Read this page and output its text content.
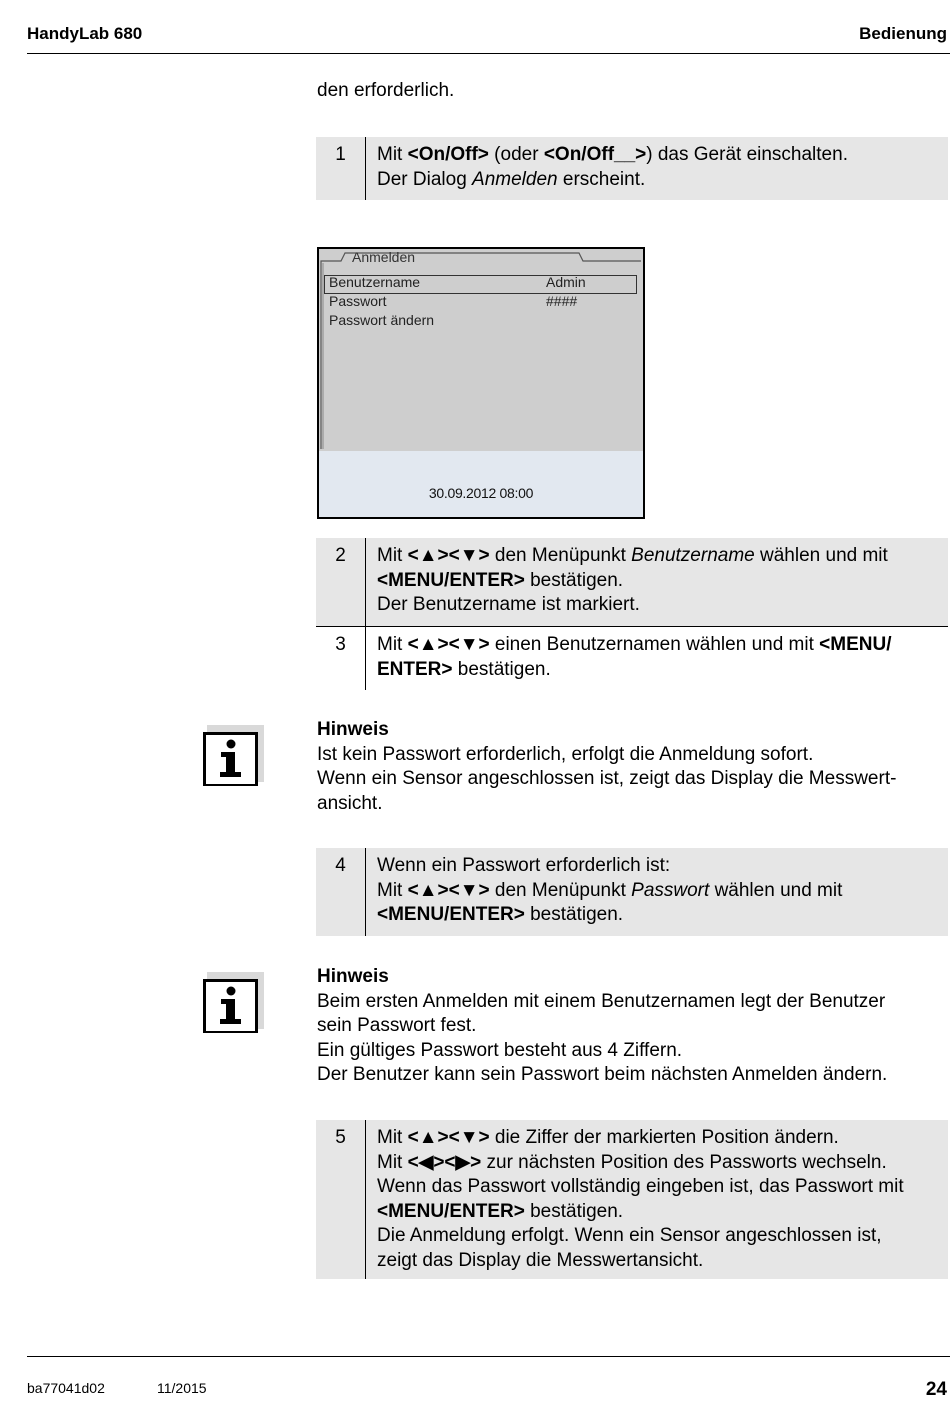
HandyLab 680	Bedienung
den erforderlich.
1	Mit <On/Off> (oder <On/Off__>) das Gerät einschalten.
Der Dialog Anmelden erscheint.
Anmelden
Benutzername	Admin
Passwort	####
Passwort ändern
30.09.2012 08:00
2	Mit <▲><▼> den Menüpunkt Benutzername wählen und mit
<MENU/ENTER> bestätigen.
Der Benutzername ist markiert.
3	Mit <▲><▼> einen Benutzernamen wählen und mit <MENU/
ENTER> bestätigen.
Hinweis
Ist kein Passwort erforderlich, erfolgt die Anmeldung sofort.
Wenn ein Sensor angeschlossen ist, zeigt das Display die Messwert-
ansicht.
4	Wenn ein Passwort erforderlich ist:
Mit <▲><▼> den Menüpunkt Passwort wählen und mit
<MENU/ENTER> bestätigen.
Hinweis
Beim ersten Anmelden mit einem Benutzernamen legt der Benutzer
sein Passwort fest.
Ein gültiges Passwort besteht aus 4 Ziffern.
Der Benutzer kann sein Passwort beim nächsten Anmelden ändern.
5	Mit <▲><▼> die Ziffer der markierten Position ändern.
Mit <◀><▶> zur nächsten Position des Passworts wechseln.
Wenn das Passwort vollständig eingeben ist, das Passwort mit
<MENU/ENTER> bestätigen.
Die Anmeldung erfolgt. Wenn ein Sensor angeschlossen ist,
zeigt das Display die Messwertansicht.
ba77041d02	11/2015	24
